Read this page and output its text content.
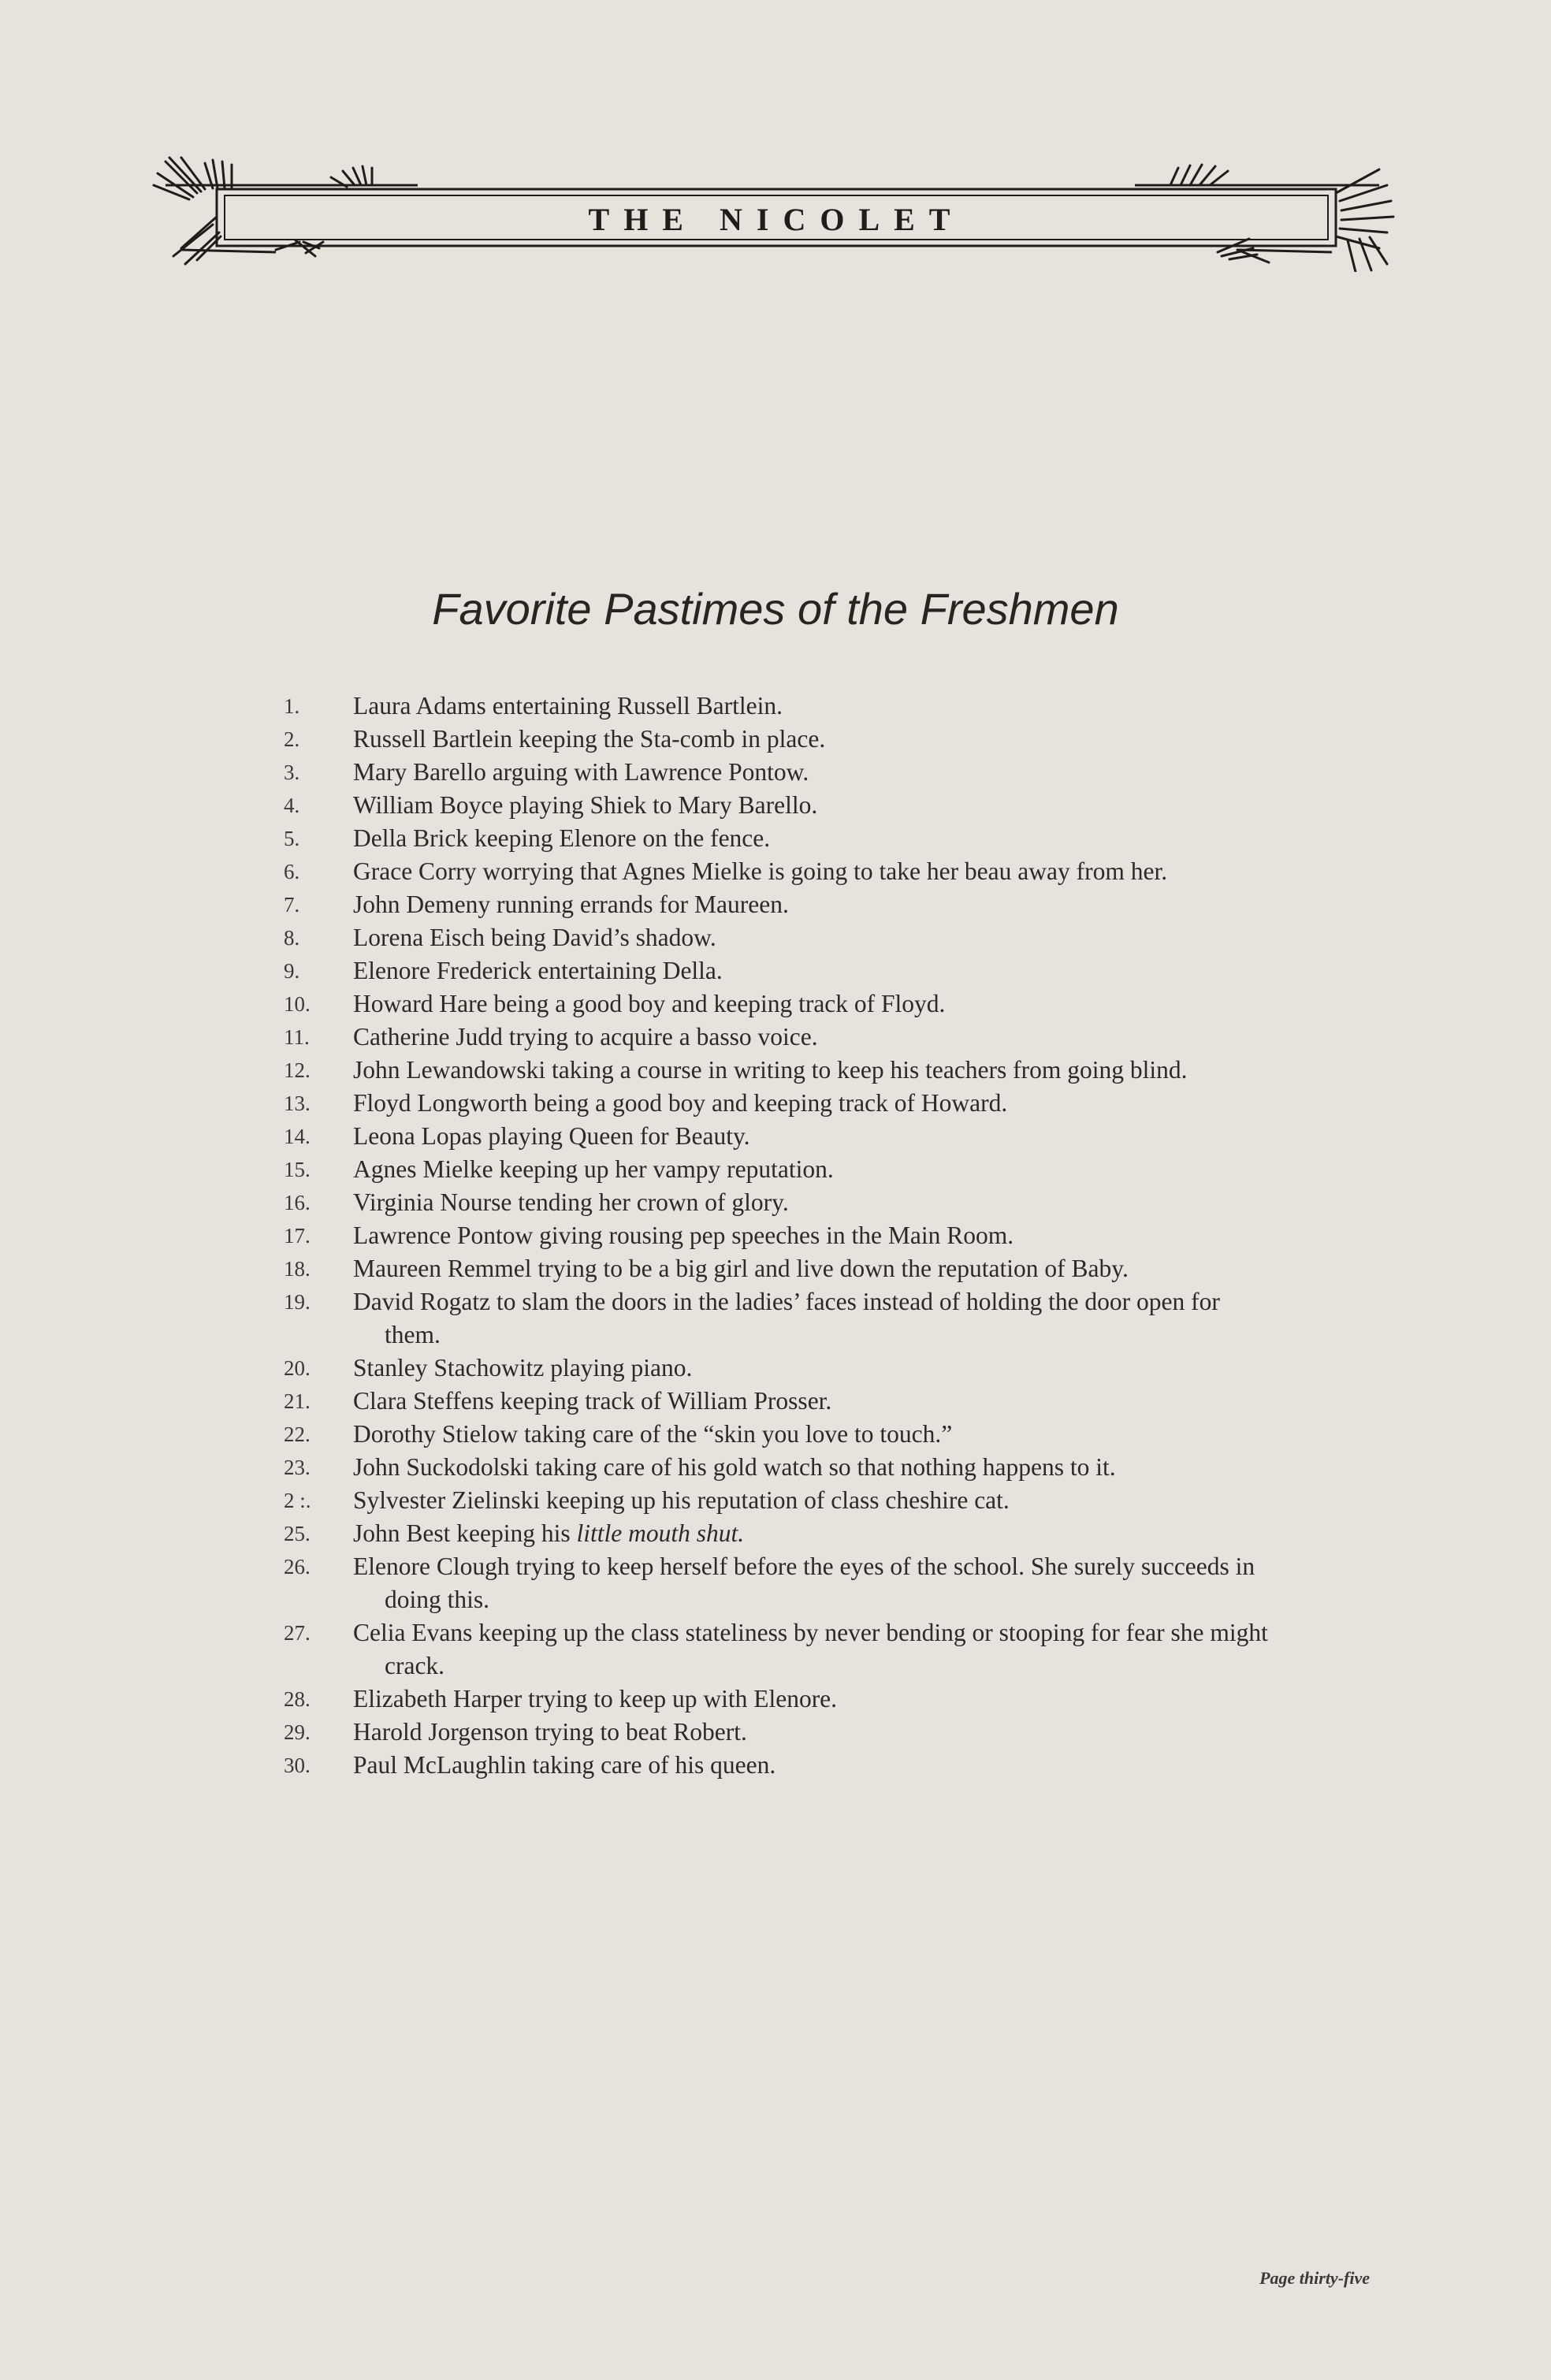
THE NICOLET
Favorite Pastimes of the Freshmen
1.	Laura Adams entertaining Russell Bartlein.
2.	Russell Bartlein keeping the Sta-comb in place.
3.	Mary Barello arguing with Lawrence Pontow.
4.	William Boyce playing Shiek to Mary Barello.
5.	Della Brick keeping Elenore on the fence.
6.	Grace Corry worrying that Agnes Mielke is going to take her beau away from her.
7.	John Demeny running errands for Maureen.
8.	Lorena Eisch being David’s shadow.
9.	Elenore Frederick entertaining Della.
10.	Howard Hare being a good boy and keeping track of Floyd.
11.	Catherine Judd trying to acquire a basso voice.
12.	John Lewandowski taking a course in writing to keep his teachers from going blind.
13.	Floyd Longworth being a good boy and keeping track of Howard.
14.	Leona Lopas playing Queen for Beauty.
15.	Agnes Mielke keeping up her vampy reputation.
16.	Virginia Nourse tending her crown of glory.
17.	Lawrence Pontow giving rousing pep speeches in the Main Room.
18.	Maureen Remmel trying to be a big girl and live down the reputation of Baby.
19.	David Rogatz to slam the doors in the ladies’ faces instead of holding the door open for them.
20.	Stanley Stachowitz playing piano.
21.	Clara Steffens keeping track of William Prosser.
22.	Dorothy Stielow taking care of the “skin you love to touch.”
23.	John Suckodolski taking care of his gold watch so that nothing happens to it.
2 :.	Sylvester Zielinski keeping up his reputation of class cheshire cat.
25.	John Best keeping his little mouth shut.
26.	Elenore Clough trying to keep herself before the eyes of the school. She surely succeeds in doing this.
27.	Celia Evans keeping up the class stateliness by never bending or stooping for fear she might crack.
28.	Elizabeth Harper trying to keep up with Elenore.
29.	Harold Jorgenson trying to beat Robert.
30.	Paul McLaughlin taking care of his queen.
Page thirty-five
